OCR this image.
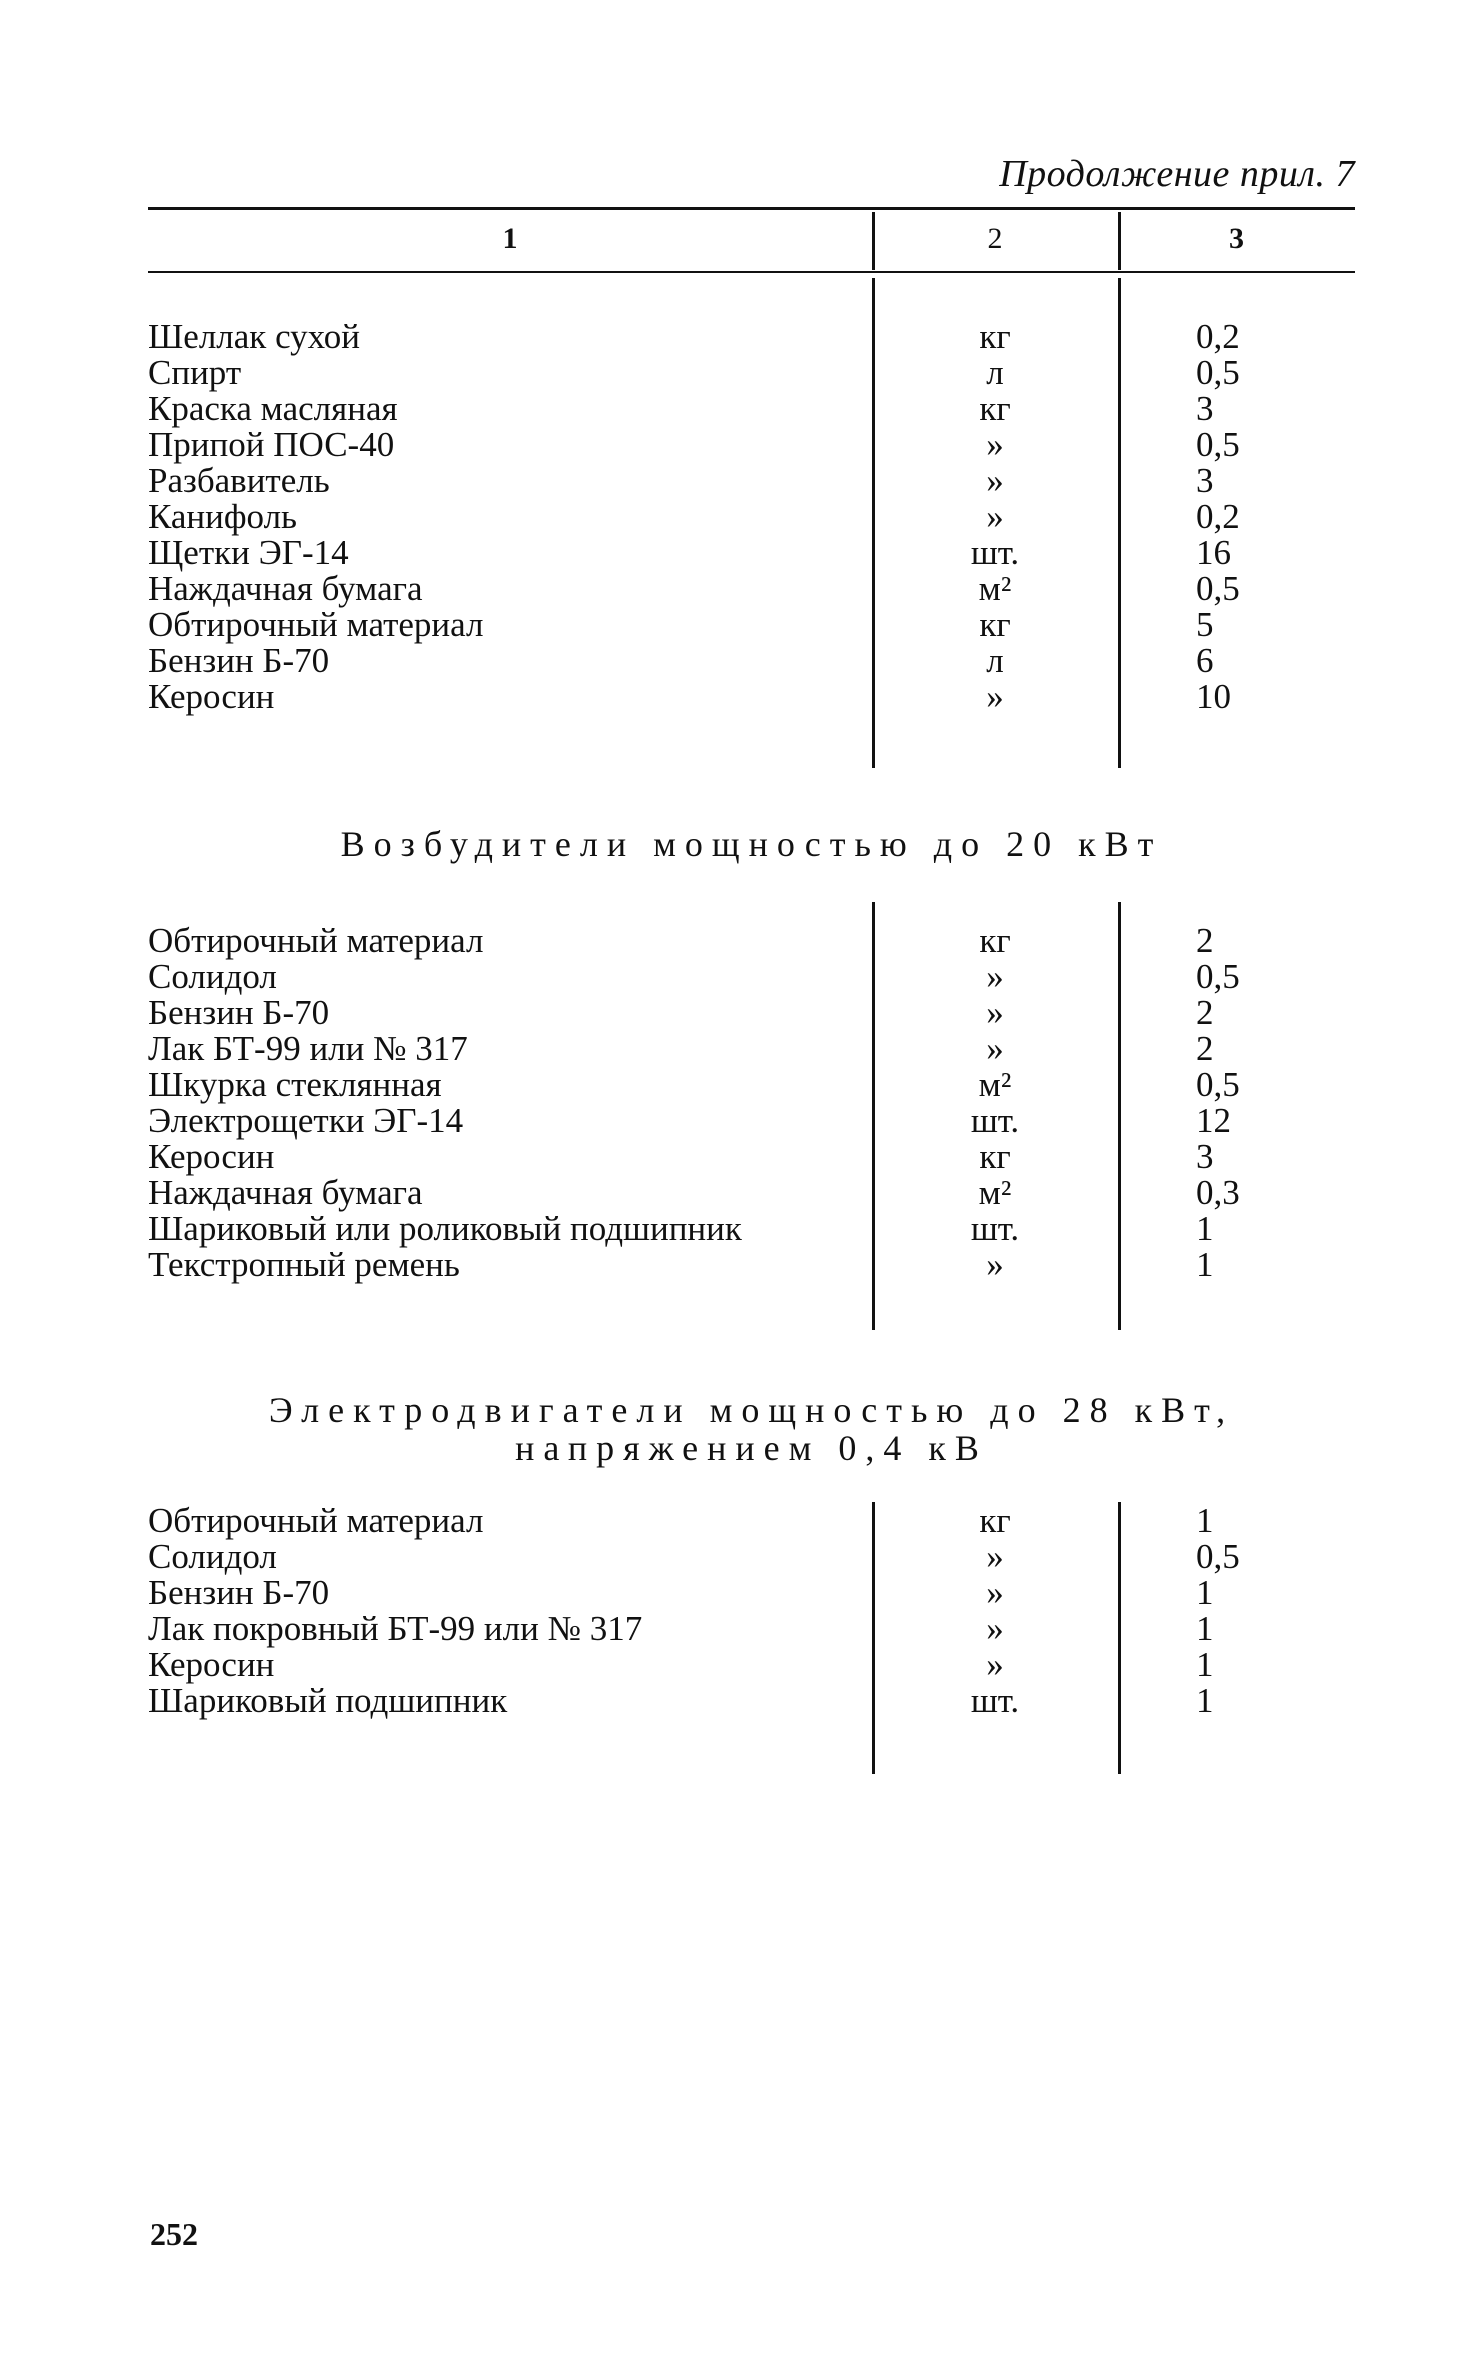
Продолжение прил. 7
1	2	3
Шеллак сухой	кг	0,2
Спирт	л	0,5
Краска масляная	кг	3
Припой ПОС-40	»	0,5
Разбавитель	»	3
Канифоль	»	0,2
Щетки ЭГ-14	шт.	16
Наждачная бумага	м²	0,5
Обтирочный материал	кг	5
Бензин Б-70	л	6
Керосин	»	10
Возбудители мощностью до 20 кВт
Обтирочный материал	кг	2
Солидол	»	0,5
Бензин Б-70	»	2
Лак БТ-99 или № 317	»	2
Шкурка стеклянная	м²	0,5
Электрощетки ЭГ-14	шт.	12
Керосин	кг	3
Наждачная бумага	м²	0,3
Шариковый или роликовый подшипник	шт.	1
Текстропный ремень	»	1
Электродвигатели мощностью до 28 кВт,
напряжением 0,4 кВ
Обтирочный материал	кг	1
Солидол	»	0,5
Бензин Б-70	»	1
Лак покровный БТ-99 или № 317	»	1
Керосин	»	1
Шариковый подшипник	шт.	1
252
